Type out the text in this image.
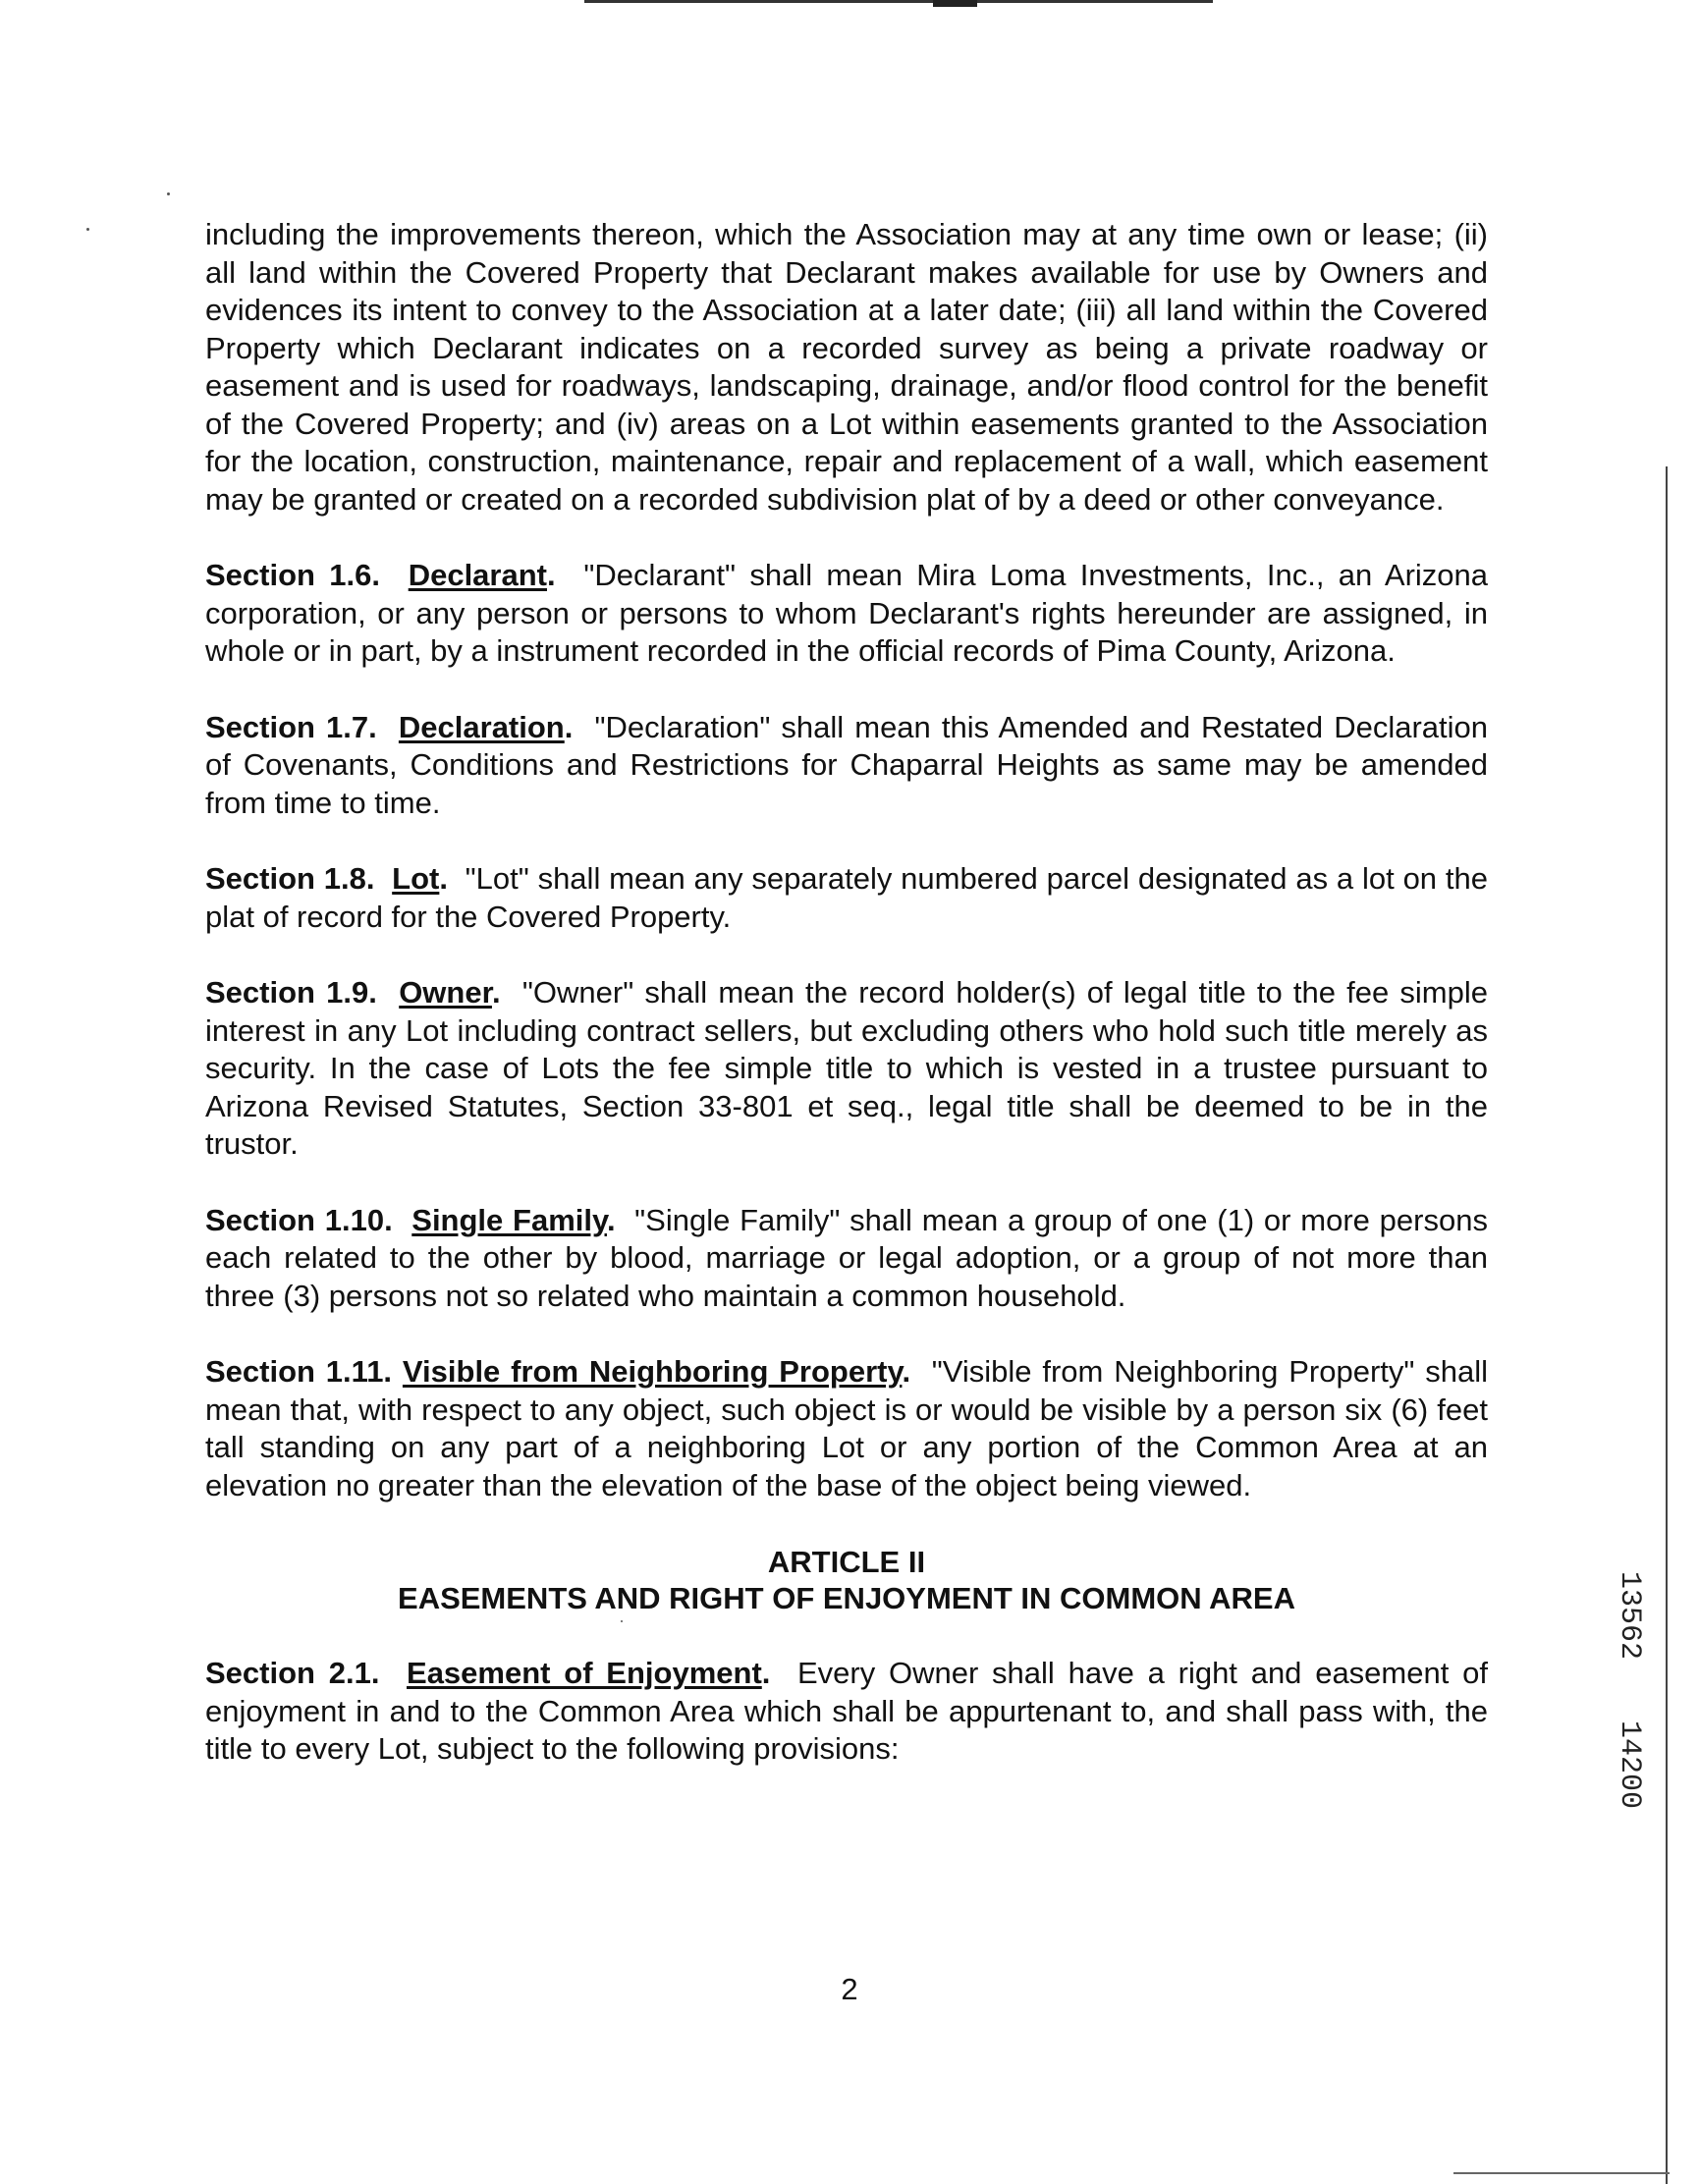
including the improvements thereon, which the Association may at any time own or lease; (ii) all land within the Covered Property that Declarant makes available for use by Owners and evidences its intent to convey to the Association at a later date; (iii) all land within the Covered Property which Declarant indicates on a recorded survey as being a private roadway or easement and is used for roadways, landscaping, drainage, and/or flood control for the benefit of the Covered Property; and (iv) areas on a Lot within easements granted to the Association for the location, construction, maintenance, repair and replacement of a wall, which easement may be granted or created on a recorded subdivision plat of by a deed or other conveyance.

Section 1.6. Declarant. "Declarant" shall mean Mira Loma Investments, Inc., an Arizona corporation, or any person or persons to whom Declarant's rights hereunder are assigned, in whole or in part, by a instrument recorded in the official records of Pima County, Arizona.

Section 1.7. Declaration. "Declaration" shall mean this Amended and Restated Declaration of Covenants, Conditions and Restrictions for Chaparral Heights as same may be amended from time to time.

Section 1.8. Lot. "Lot" shall mean any separately numbered parcel designated as a lot on the plat of record for the Covered Property.

Section 1.9. Owner. "Owner" shall mean the record holder(s) of legal title to the fee simple interest in any Lot including contract sellers, but excluding others who hold such title merely as security. In the case of Lots the fee simple title to which is vested in a trustee pursuant to Arizona Revised Statutes, Section 33-801 et seq., legal title shall be deemed to be in the trustor.

Section 1.10. Single Family. "Single Family" shall mean a group of one (1) or more persons each related to the other by blood, marriage or legal adoption, or a group of not more than three (3) persons not so related who maintain a common household.

Section 1.11. Visible from Neighboring Property. "Visible from Neighboring Property" shall mean that, with respect to any object, such object is or would be visible by a person six (6) feet tall standing on any part of a neighboring Lot or any portion of the Common Area at an elevation no greater than the elevation of the base of the object being viewed.

ARTICLE II
EASEMENTS AND RIGHT OF ENJOYMENT IN COMMON AREA

Section 2.1. Easement of Enjoyment. Every Owner shall have a right and easement of enjoyment in and to the Common Area which shall be appurtenant to, and shall pass with, the title to every Lot, subject to the following provisions:

2
13562
14200
